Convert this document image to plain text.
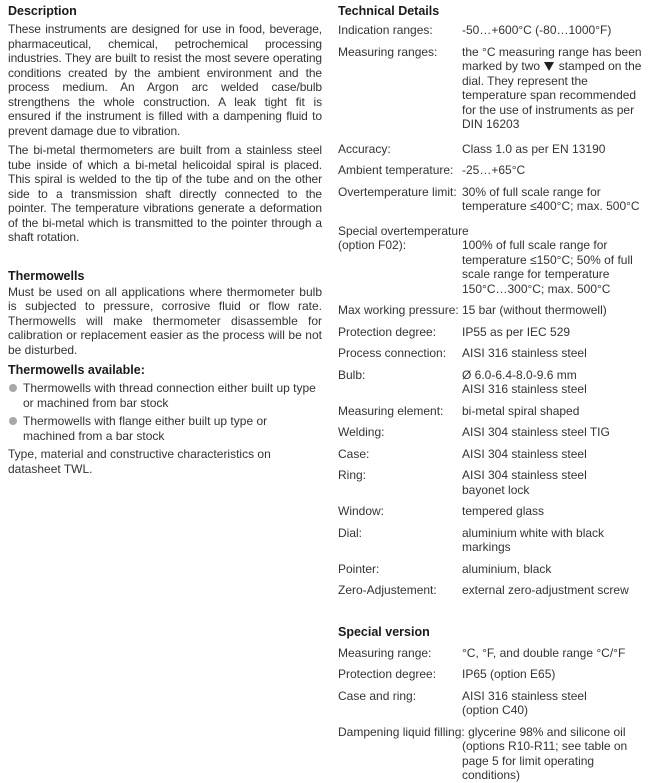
Description

These instruments are designed for use in food, beverage, pharmaceutical, chemical, petrochemical processing industries. They are built to resist the most severe operating conditions created by the ambient environment and the process medium. An Argon arc welded case/bulb strengthens the whole construction. A leak tight fit is ensured if the instrument is filled with a dampening fluid to prevent damage due to vibration.

The bi-metal thermometers are built from a stainless steel tube inside of which a bi-metal helicoidal spiral is placed. This spiral is welded to the tip of the tube and on the other side to a transmission shaft directly connected to the pointer. The temperature vibrations generate a deformation of the bi-metal which is transmitted to the pointer through a shaft rotation.

Thermowells

Must be used on all applications where thermometer bulb is subjected to pressure, corrosive fluid or flow rate. Thermowells will make thermometer disassemble for calibration or replacement easier as the process will be not be disturbed.

Thermowells available:
Thermowells with thread connection either built up type or machined from bar stock
Thermowells with flange either built up type or machined from a bar stock

Type, material and constructive characteristics on datasheet TWL.

Technical Details
Indication ranges:	-50…+600°C (-80…1000°F)
Measuring ranges:	the °C measuring range has been marked by two stamped on the dial. They represent the temperature span recommended for the use of instruments as per DIN 16203
Accuracy:	Class 1.0 as per EN 13190
Ambient temperature: -25…+65°C
Overtemperature limit: 30% of full scale range for temperature ≤400°C; max. 500°C
Special overtemperature
(option F02):	100% of full scale range for temperature ≤150°C; 50% of full scale range for temperature 150°C…300°C; max. 500°C
Max working pressure: 15 bar (without thermowell)
Protection degree:	IP55 as per IEC 529
Process connection:	AISI 316 stainless steel
Bulb:	Ø 6.0-6.4-8.0-9.6 mm
AISI 316 stainless steel
Measuring element:	bi-metal spiral shaped
Welding:	AISI 304 stainless steel TIG
Case:	AISI 304 stainless steel
Ring:	AISI 304 stainless steel
bayonet lock
Window:	tempered glass
Dial:	aluminium white with black markings
Pointer:	aluminium, black
Zero-Adjustement:	external zero-adjustment screw
Special version
Measuring range:	°C, °F, and double range °C/°F
Protection degree:	IP65 (option E65)
Case and ring:	AISI 316 stainless steel
(option C40)
Dampening liquid filling: glycerine 98% and silicone oil
(options R10-R11; see table on page 5 for limit operating conditions)
